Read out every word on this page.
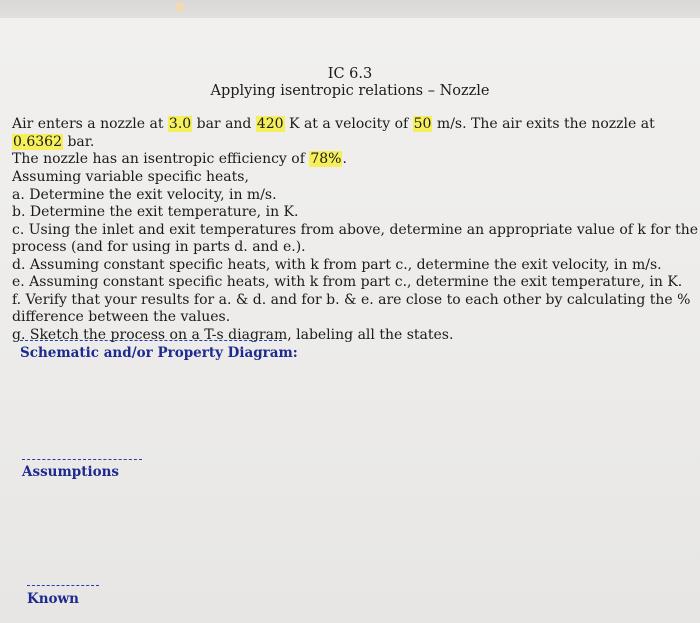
IC 6.3
Applying isentropic relations – Nozzle
Air enters a nozzle at 3.0 bar and 420 K at a velocity of 50 m/s. The air exits the nozzle at 0.6362 bar.
The nozzle has an isentropic efficiency of 78%.
Assuming variable specific heats,
a. Determine the exit velocity, in m/s.
b. Determine the exit temperature, in K.
c. Using the inlet and exit temperatures from above, determine an appropriate value of k for the
process (and for using in parts d. and e.).
d. Assuming constant specific heats, with k from part c., determine the exit velocity, in m/s.
e. Assuming constant specific heats, with k from part c., determine the exit temperature, in K.
f. Verify that your results for a. & d. and for b. & e. are close to each other by calculating the %
difference between the values.
g. Sketch the process on a T-s diagram, labeling all the states.
Schematic and/or Property Diagram:
Assumptions
Known
